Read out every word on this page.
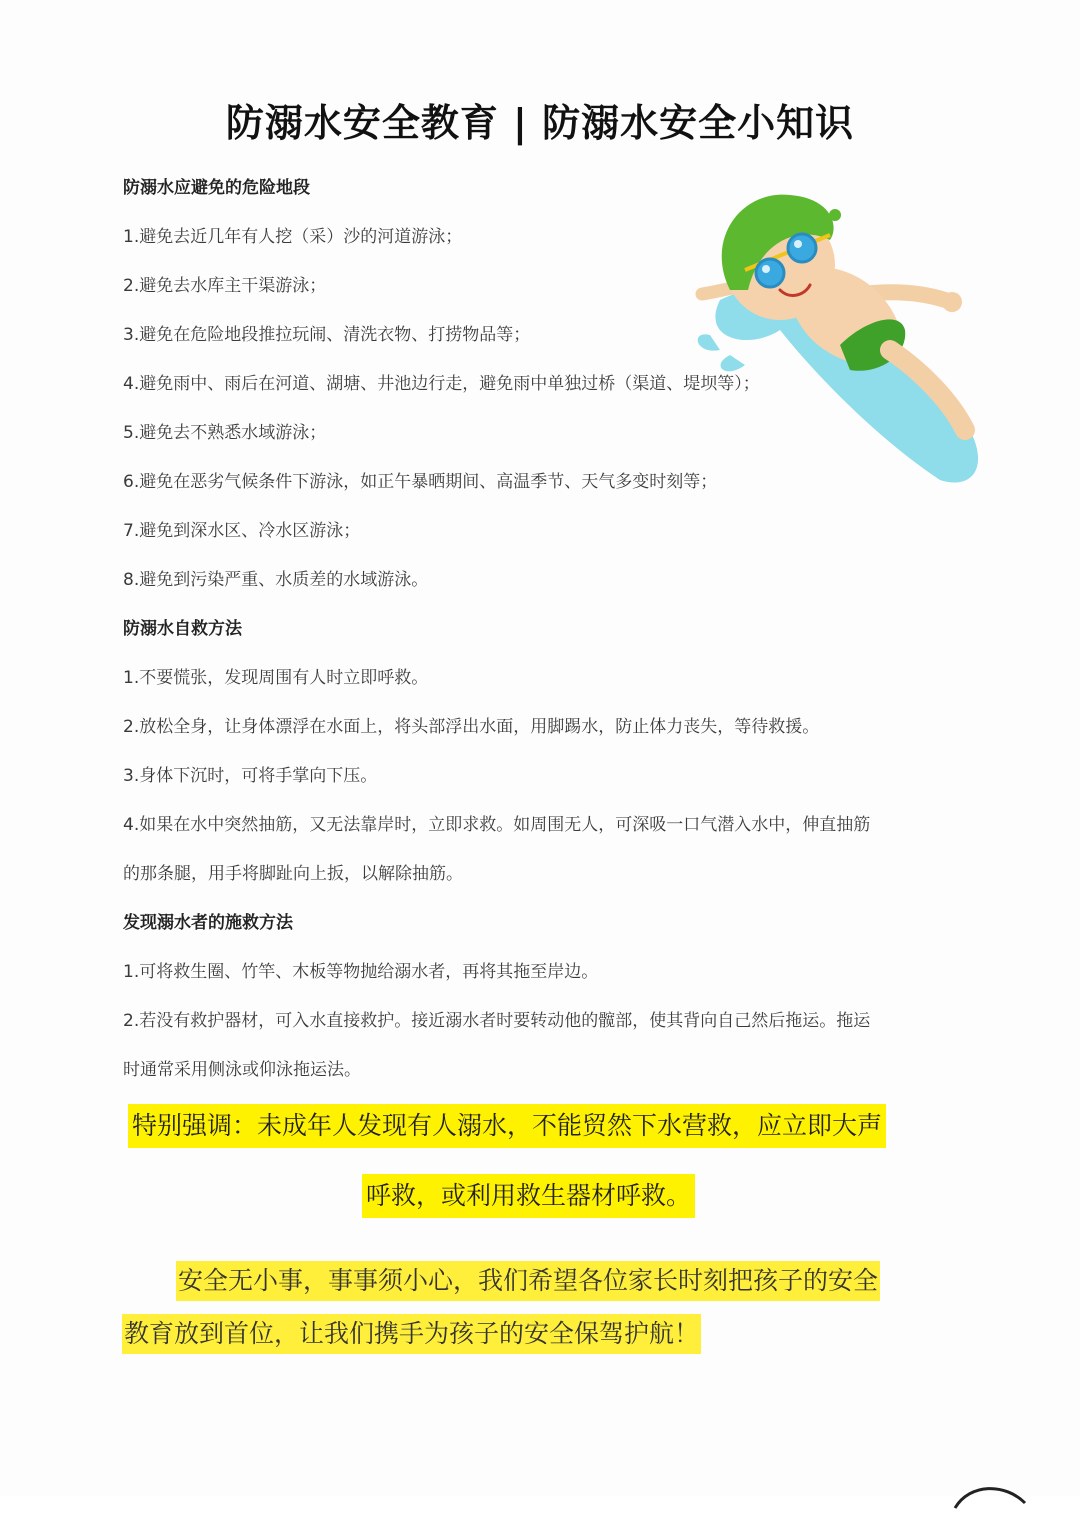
防溺水安全教育 | 防溺水安全小知识
防溺水应避免的危险地段
1.避免去近几年有人挖（采）沙的河道游泳；
2.避免去水库主干渠游泳；
3.避免在危险地段推拉玩闹、清洗衣物、打捞物品等；
4.避免雨中、雨后在河道、湖塘、井池边行走，避免雨中单独过桥（渠道、堤坝等）；
5.避免去不熟悉水域游泳；
6.避免在恶劣气候条件下游泳，如正午暴晒期间、高温季节、天气多变时刻等；
7.避免到深水区、冷水区游泳；
8.避免到污染严重、水质差的水域游泳。
防溺水自救方法
1.不要慌张，发现周围有人时立即呼救。
2.放松全身，让身体漂浮在水面上，将头部浮出水面，用脚踢水，防止体力丧失，等待救援。
3.身体下沉时，可将手掌向下压。
4.如果在水中突然抽筋，又无法靠岸时，立即求救。如周围无人，可深吸一口气潜入水中，伸直抽筋
的那条腿，用手将脚趾向上扳，以解除抽筋。
发现溺水者的施救方法
1.可将救生圈、竹竿、木板等物抛给溺水者，再将其拖至岸边。
2.若没有救护器材，可入水直接救护。接近溺水者时要转动他的髋部，使其背向自己然后拖运。拖运
时通常采用侧泳或仰泳拖运法。
特别强调：未成年人发现有人溺水，不能贸然下水营救，应立即大声
呼救，或利用救生器材呼救。
安全无小事，事事须小心，我们希望各位家长时刻把孩子的安全
教育放到首位，让我们携手为孩子的安全保驾护航！
